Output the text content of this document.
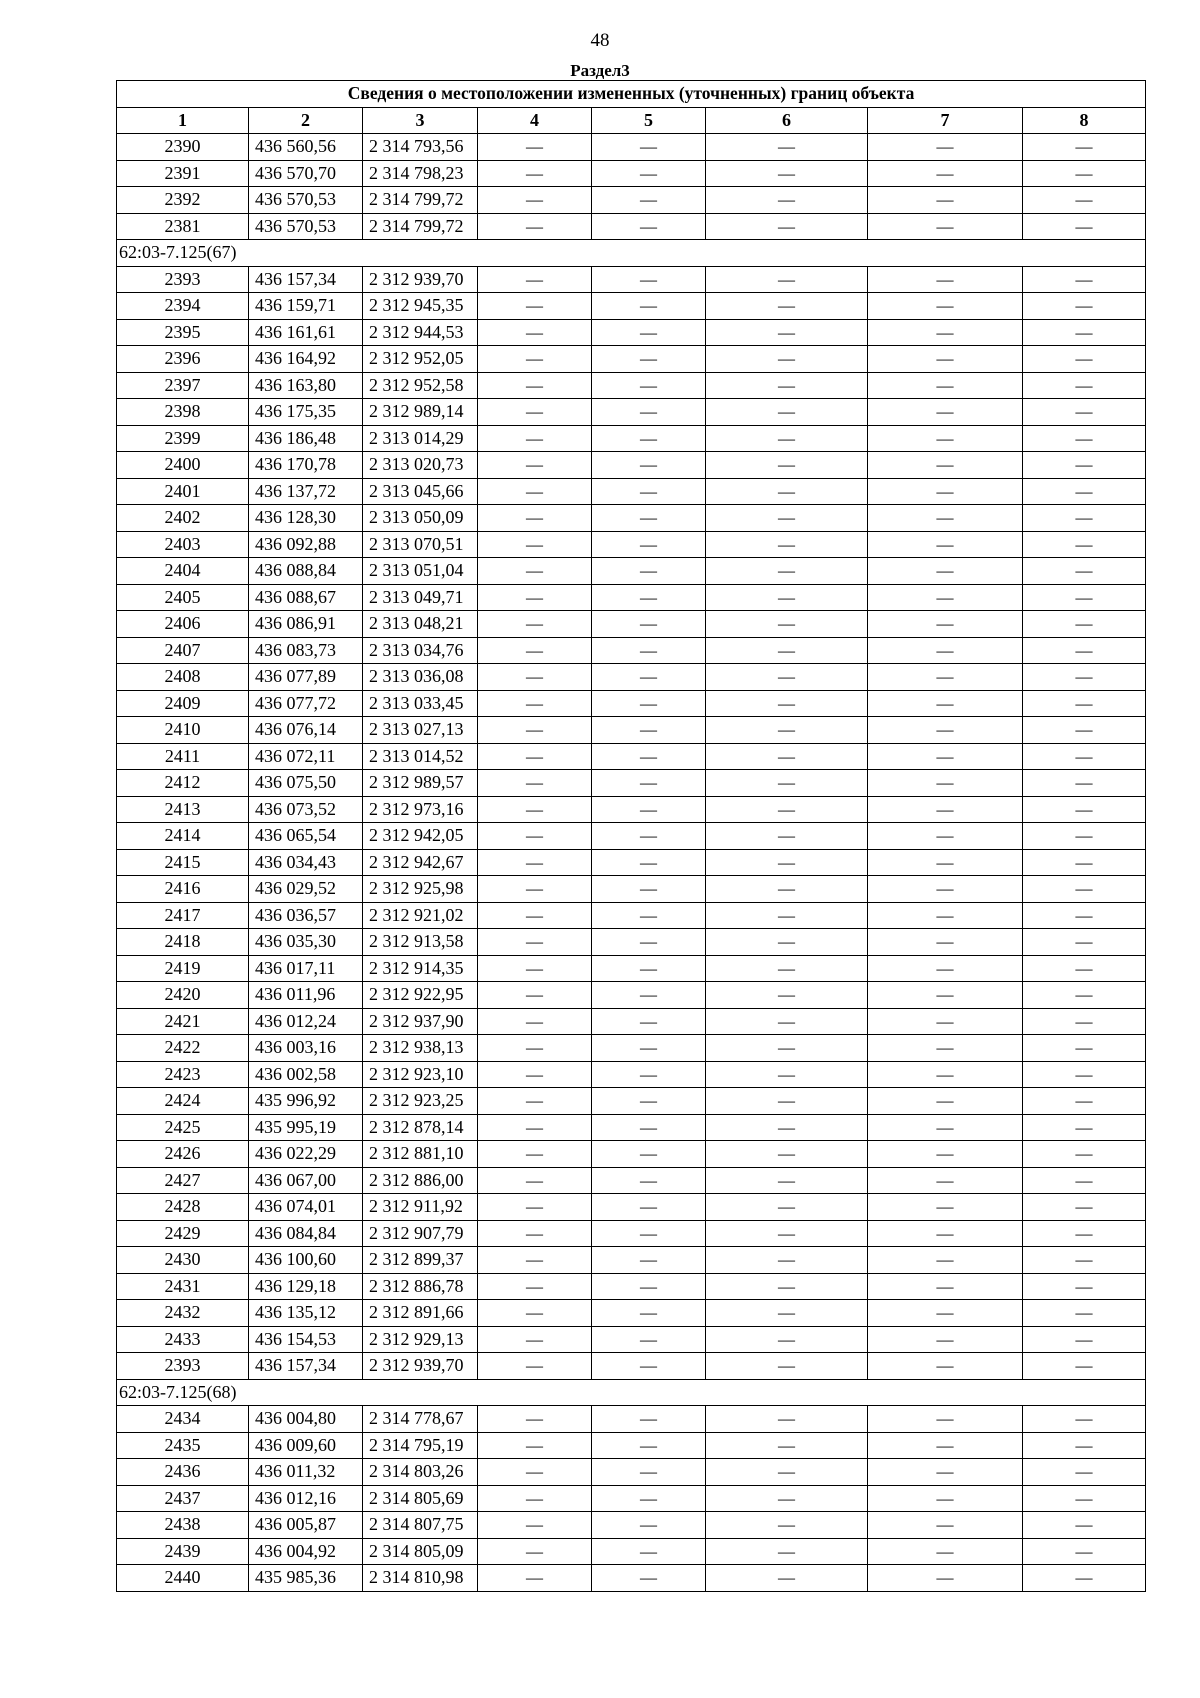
48
Раздел3
Сведения о местоположении измененных (уточненных) границ объекта							
1	2	3	4	5	6	7	8
2390	436 560,56	2 314 793,56	—	—	—	—	—
2391	436 570,70	2 314 798,23	—	—	—	—	—
2392	436 570,53	2 314 799,72	—	—	—	—	—
2381	436 570,53	2 314 799,72	—	—	—	—	—
62:03-7.125(67)							
2393	436 157,34	2 312 939,70	—	—	—	—	—
2394	436 159,71	2 312 945,35	—	—	—	—	—
2395	436 161,61	2 312 944,53	—	—	—	—	—
2396	436 164,92	2 312 952,05	—	—	—	—	—
2397	436 163,80	2 312 952,58	—	—	—	—	—
2398	436 175,35	2 312 989,14	—	—	—	—	—
2399	436 186,48	2 313 014,29	—	—	—	—	—
2400	436 170,78	2 313 020,73	—	—	—	—	—
2401	436 137,72	2 313 045,66	—	—	—	—	—
2402	436 128,30	2 313 050,09	—	—	—	—	—
2403	436 092,88	2 313 070,51	—	—	—	—	—
2404	436 088,84	2 313 051,04	—	—	—	—	—
2405	436 088,67	2 313 049,71	—	—	—	—	—
2406	436 086,91	2 313 048,21	—	—	—	—	—
2407	436 083,73	2 313 034,76	—	—	—	—	—
2408	436 077,89	2 313 036,08	—	—	—	—	—
2409	436 077,72	2 313 033,45	—	—	—	—	—
2410	436 076,14	2 313 027,13	—	—	—	—	—
2411	436 072,11	2 313 014,52	—	—	—	—	—
2412	436 075,50	2 312 989,57	—	—	—	—	—
2413	436 073,52	2 312 973,16	—	—	—	—	—
2414	436 065,54	2 312 942,05	—	—	—	—	—
2415	436 034,43	2 312 942,67	—	—	—	—	—
2416	436 029,52	2 312 925,98	—	—	—	—	—
2417	436 036,57	2 312 921,02	—	—	—	—	—
2418	436 035,30	2 312 913,58	—	—	—	—	—
2419	436 017,11	2 312 914,35	—	—	—	—	—
2420	436 011,96	2 312 922,95	—	—	—	—	—
2421	436 012,24	2 312 937,90	—	—	—	—	—
2422	436 003,16	2 312 938,13	—	—	—	—	—
2423	436 002,58	2 312 923,10	—	—	—	—	—
2424	435 996,92	2 312 923,25	—	—	—	—	—
2425	435 995,19	2 312 878,14	—	—	—	—	—
2426	436 022,29	2 312 881,10	—	—	—	—	—
2427	436 067,00	2 312 886,00	—	—	—	—	—
2428	436 074,01	2 312 911,92	—	—	—	—	—
2429	436 084,84	2 312 907,79	—	—	—	—	—
2430	436 100,60	2 312 899,37	—	—	—	—	—
2431	436 129,18	2 312 886,78	—	—	—	—	—
2432	436 135,12	2 312 891,66	—	—	—	—	—
2433	436 154,53	2 312 929,13	—	—	—	—	—
2393	436 157,34	2 312 939,70	—	—	—	—	—
62:03-7.125(68)							
2434	436 004,80	2 314 778,67	—	—	—	—	—
2435	436 009,60	2 314 795,19	—	—	—	—	—
2436	436 011,32	2 314 803,26	—	—	—	—	—
2437	436 012,16	2 314 805,69	—	—	—	—	—
2438	436 005,87	2 314 807,75	—	—	—	—	—
2439	436 004,92	2 314 805,09	—	—	—	—	—
2440	435 985,36	2 314 810,98	—	—	—	—	—
